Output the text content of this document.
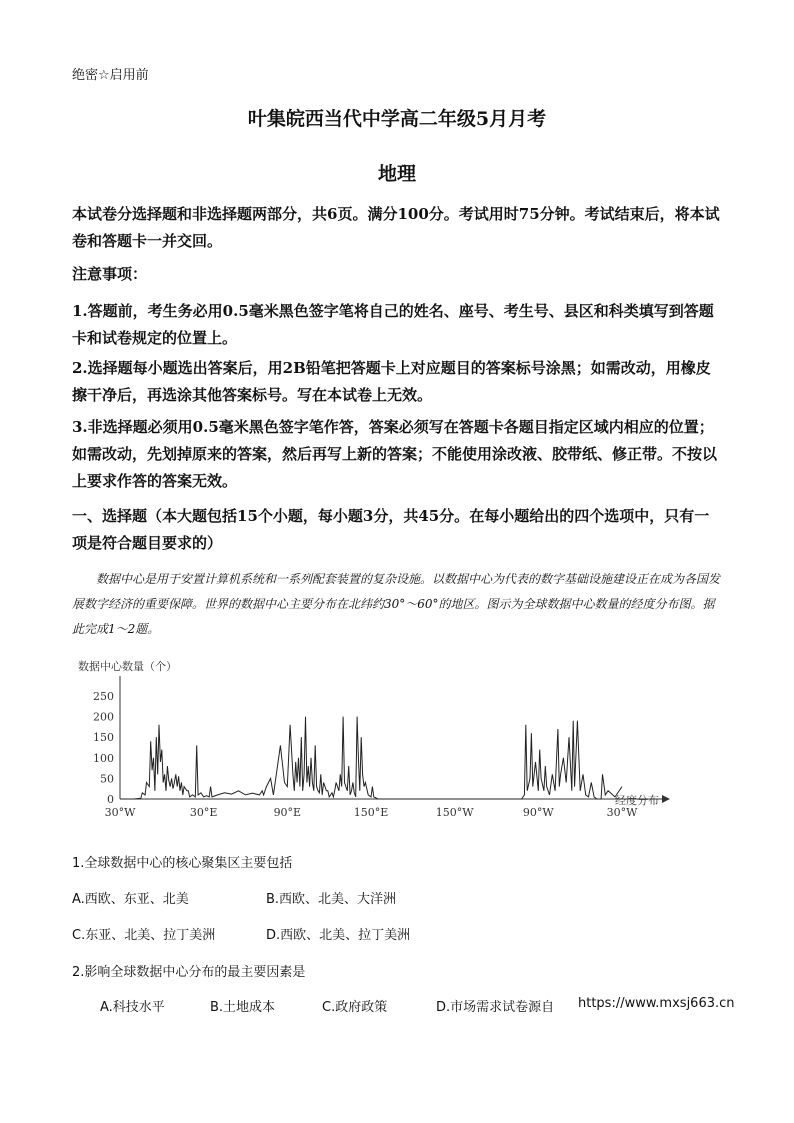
绝密☆启用前
叶集皖西当代中学高二年级5月月考
地理
本试卷分选择题和非选择题两部分，共6页。满分100分。考试用时75分钟。考试结束后，将本试卷和答题卡一并交回。
注意事项：
1.答题前，考生务必用0.5毫米黑色签字笔将自己的姓名、座号、考生号、县区和科类填写到答题卡和试卷规定的位置上。
2.选择题每小题选出答案后，用2B铅笔把答题卡上对应题目的答案标号涂黑；如需改动，用橡皮擦干净后，再选涂其他答案标号。写在本试卷上无效。
3.非选择题必须用0.5毫米黑色签字笔作答，答案必须写在答题卡各题目指定区域内相应的位置；如需改动，先划掉原来的答案，然后再写上新的答案；不能使用涂改液、胶带纸、修正带。不按以上要求作答的答案无效。
一、选择题（本大题包括15个小题，每小题3分，共45分。在每小题给出的四个选项中，只有一项是符合题目要求的）
数据中心是用于安置计算机系统和一系列配套装置的复杂设施。以数据中心为代表的数字基础设施建设正在成为各国发展数字经济的重要保障。世界的数据中心主要分布在北纬约30°～60°的地区。图示为全球数据中心数量的经度分布图。据此完成1～2题。
数据中心数量（个）
经度分布
250
200
150
100
50
0
30°W	30°E	90°E	150°E	150°W	90°W	30°W
1.全球数据中心的核心聚集区主要包括
A.西欧、东亚、北美	B.西欧、北美、大洋洲
C.东亚、北美、拉丁美洲	D.西欧、北美、拉丁美洲
2.影响全球数据中心分布的最主要因素是
A.科技水平	B.土地成本	C.政府政策	D.市场需求试卷源自 https://www.mxsj663.cn
